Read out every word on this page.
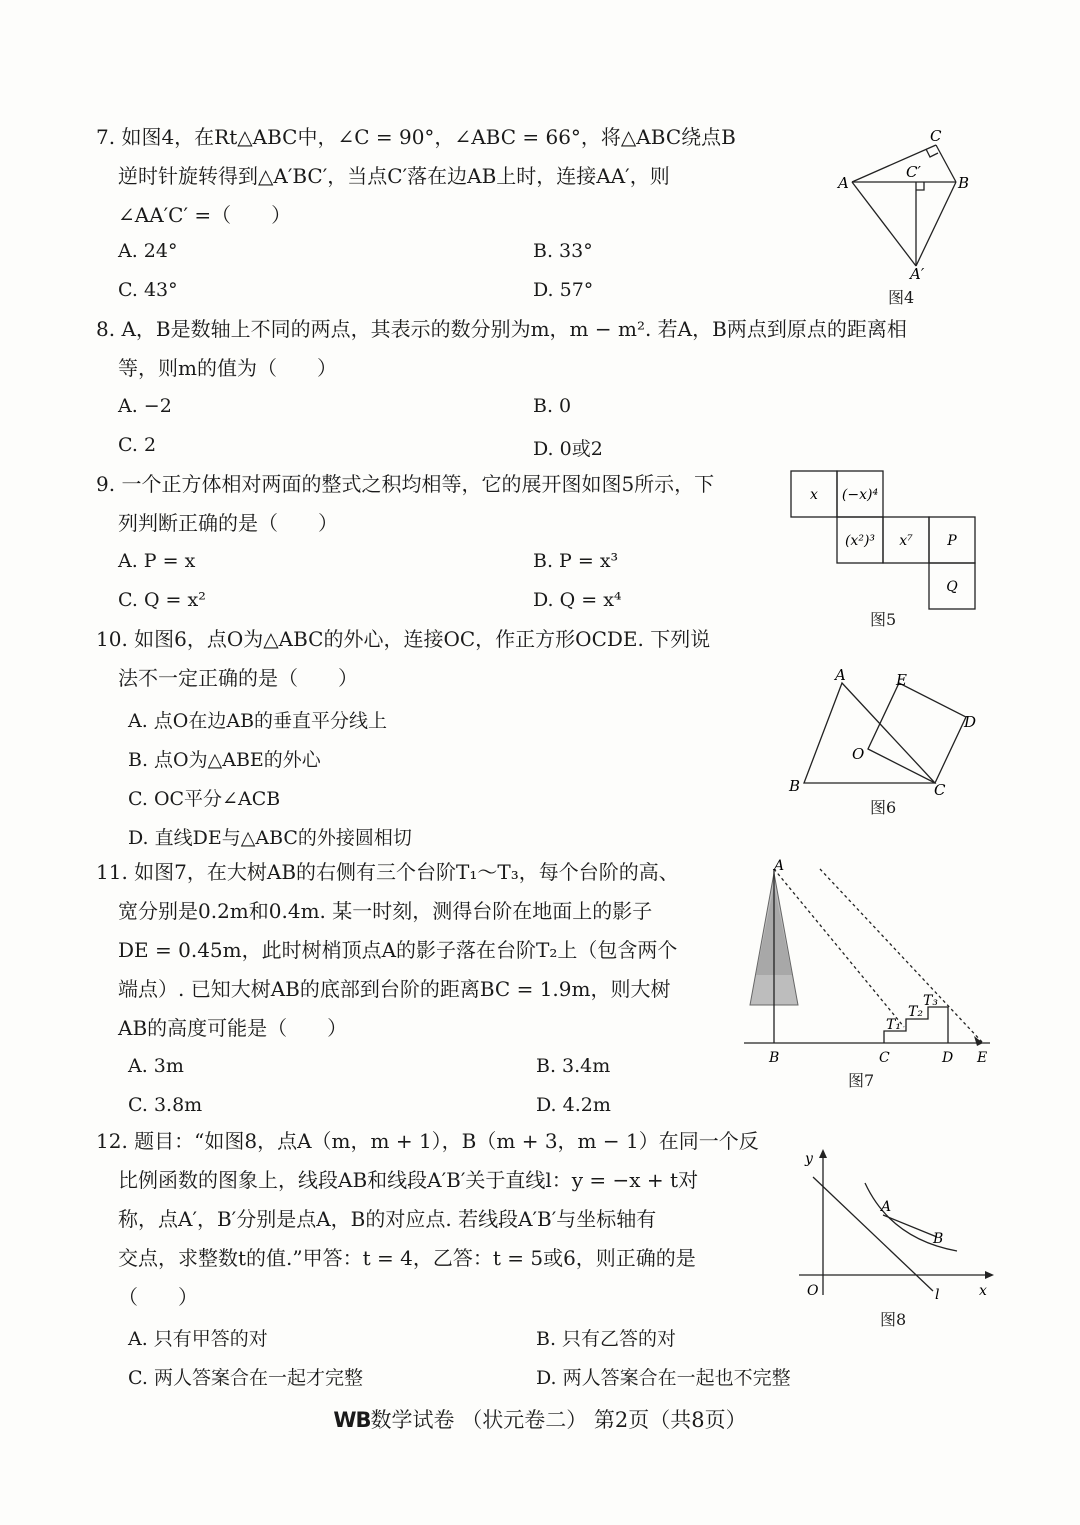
7. 如图4，在Rt△ABC中，∠C = 90°，∠ABC = 66°，将△ABC绕点B
逆时针旋转得到△A′BC′，当点C′落在边AB上时，连接AA′，则
∠AA′C′ =（　　）
A. 24°	B. 33°
C. 43°	D. 57°
A	B
C
C′
A′
图4
8. A，B是数轴上不同的两点，其表示的数分别为m，m − m². 若A，B两点到原点的距离相
等，则m的值为（　　）
A. −2	B. 0
C. 2	D. 0或2
9. 一个正方体相对两面的整式之积均相等，它的展开图如图5所示，下
列判断正确的是（　　）
A. P = x	B. P = x³
C. Q = x²	D. Q = x⁴
x (−x)⁴
(x²)³ x⁷ P
Q
图5
10. 如图6，点O为△ABC的外心，连接OC，作正方形OCDE. 下列说
法不一定正确的是（　　）
A. 点O在边AB的垂直平分线上
B. 点O为△ABE的外心
C. OC平分∠ACB
D. 直线DE与△ABC的外接圆相切
A	E
D
O
B	C
图6
11. 如图7，在大树AB的右侧有三个台阶T₁～T₃，每个台阶的高、
宽分别是0.2m和0.4m. 某一时刻，测得台阶在地面上的影子
DE = 0.45m，此时树梢顶点A的影子落在台阶T₂上（包含两个
端点）. 已知大树AB的底部到台阶的距离BC = 1.9m，则大树
AB的高度可能是（　　）
A. 3m	B. 3.4m
C. 3.8m	D. 4.2m
A
B	C	D E
T₁
T₂
T₃
图7
12. 题目：“如图8，点A（m，m + 1），B（m + 3，m − 1）在同一个反
比例函数的图象上，线段AB和线段A′B′关于直线l：y = −x + t对
称，点A′，B′分别是点A，B的对应点. 若线段A′B′与坐标轴有
交点，求整数t的值.”甲答：t = 4，乙答：t = 5或6，则正确的是
（　　）
A. 只有甲答的对	B. 只有乙答的对
C. 两人答案合在一起才完整	D. 两人答案合在一起也不完整
y
A
B
O	l	x
图8
WB数学试卷 （状元卷二） 第2页（共8页）
